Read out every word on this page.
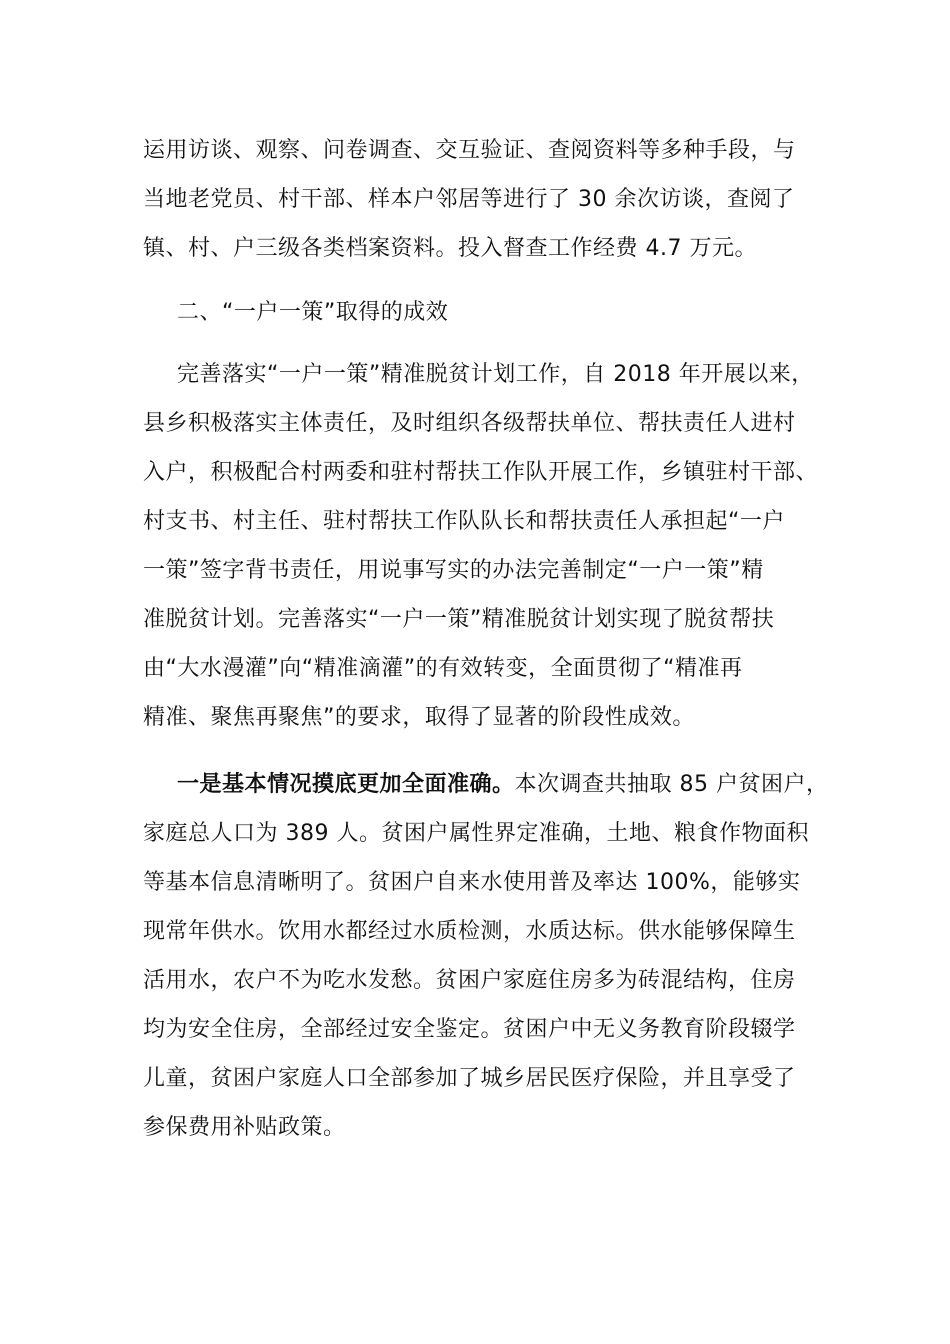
运用访谈、观察、问卷调查、交互验证、查阅资料等多种手段，与
当地老党员、村干部、样本户邻居等进行了 30 余次访谈，查阅了
镇、村、户三级各类档案资料。投入督查工作经费 4.7 万元。
二、“一户一策”取得的成效
完善落实“一户一策”精准脱贫计划工作，自 2018 年开展以来，
县乡积极落实主体责任，及时组织各级帮扶单位、帮扶责任人进村
入户，积极配合村两委和驻村帮扶工作队开展工作，乡镇驻村干部、
村支书、村主任、驻村帮扶工作队队长和帮扶责任人承担起“一户
一策”签字背书责任，用说事写实的办法完善制定“一户一策”精
准脱贫计划。完善落实“一户一策”精准脱贫计划实现了脱贫帮扶
由“大水漫灌”向“精准滴灌”的有效转变，全面贯彻了“精准再
精准、聚焦再聚焦”的要求，取得了显著的阶段性成效。
一是基本情况摸底更加全面准确。本次调查共抽取 85 户贫困户，
家庭总人口为 389 人。贫困户属性界定准确，土地、粮食作物面积
等基本信息清晰明了。贫困户自来水使用普及率达 100%，能够实
现常年供水。饮用水都经过水质检测，水质达标。供水能够保障生
活用水，农户不为吃水发愁。贫困户家庭住房多为砖混结构，住房
均为安全住房，全部经过安全鉴定。贫困户中无义务教育阶段辍学
儿童，贫困户家庭人口全部参加了城乡居民医疗保险，并且享受了
参保费用补贴政策。
